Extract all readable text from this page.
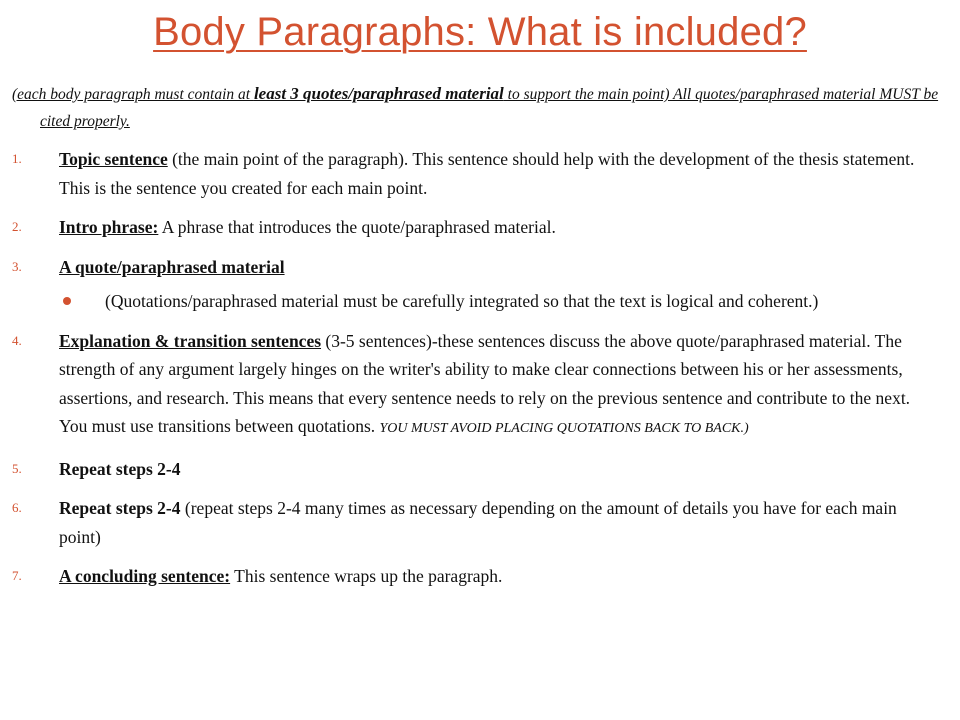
Body Paragraphs: What is included?
(each body paragraph must contain at least 3 quotes/paraphrased material to support the main point) All quotes/paraphrased material MUST be cited properly.
1. Topic sentence (the main point of the paragraph). This sentence should help with the development of the thesis statement. This is the sentence you created for each main point.
2. Intro phrase: A phrase that introduces the quote/paraphrased material.
3. A quote/paraphrased material
(Quotations/paraphrased material must be carefully integrated so that the text is logical and coherent.)
4. Explanation & transition sentences (3-5 sentences)-these sentences discuss the above quote/paraphrased material. The strength of any argument largely hinges on the writer's ability to make clear connections between his or her assessments, assertions, and research. This means that every sentence needs to rely on the previous sentence and contribute to the next. You must use transitions between quotations. YOU MUST AVOID PLACING QUOTATIONS BACK TO BACK.)
5. Repeat steps 2-4
6. Repeat steps 2-4 (repeat steps 2-4 many times as necessary depending on the amount of details you have for each main point)
7. A concluding sentence: This sentence wraps up the paragraph.
